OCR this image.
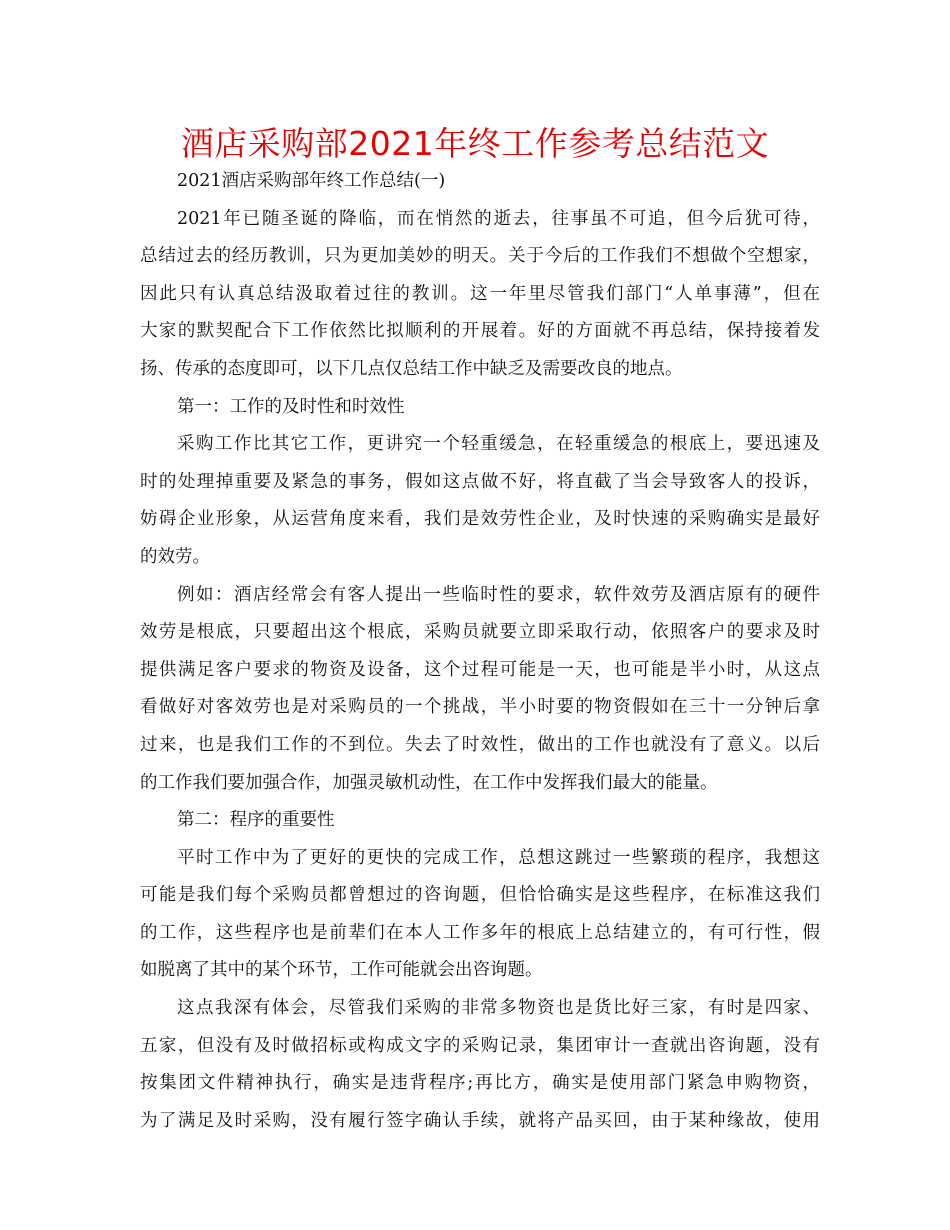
酒店采购部2021年终工作参考总结范文
2021酒店采购部年终工作总结(一)
2021年已随圣诞的降临，而在悄然的逝去，往事虽不可追，但今后犹可待，
总结过去的经历教训，只为更加美妙的明天。关于今后的工作我们不想做个空想家，
因此只有认真总结汲取着过往的教训。这一年里尽管我们部门“人单事薄”，但在
大家的默契配合下工作依然比拟顺利的开展着。好的方面就不再总结，保持接着发
扬、传承的态度即可，以下几点仅总结工作中缺乏及需要改良的地点。
第一：工作的及时性和时效性
采购工作比其它工作，更讲究一个轻重缓急，在轻重缓急的根底上，要迅速及
时的处理掉重要及紧急的事务，假如这点做不好，将直截了当会导致客人的投诉，
妨碍企业形象，从运营角度来看，我们是效劳性企业，及时快速的采购确实是最好
的效劳。
例如：酒店经常会有客人提出一些临时性的要求，软件效劳及酒店原有的硬件
效劳是根底，只要超出这个根底，采购员就要立即采取行动，依照客户的要求及时
提供满足客户要求的物资及设备，这个过程可能是一天，也可能是半小时，从这点
看做好对客效劳也是对采购员的一个挑战，半小时要的物资假如在三十一分钟后拿
过来，也是我们工作的不到位。失去了时效性，做出的工作也就没有了意义。以后
的工作我们要加强合作，加强灵敏机动性，在工作中发挥我们最大的能量。
第二：程序的重要性
平时工作中为了更好的更快的完成工作，总想这跳过一些繁琐的程序，我想这
可能是我们每个采购员都曾想过的咨询题，但恰恰确实是这些程序，在标准这我们
的工作，这些程序也是前辈们在本人工作多年的根底上总结建立的，有可行性，假
如脱离了其中的某个环节，工作可能就会出咨询题。
这点我深有体会，尽管我们采购的非常多物资也是货比好三家，有时是四家、
五家，但没有及时做招标或构成文字的采购记录，集团审计一查就出咨询题，没有
按集团文件精神执行，确实是违背程序;再比方，确实是使用部门紧急申购物资，
为了满足及时采购，没有履行签字确认手续，就将产品买回，由于某种缘故，使用
